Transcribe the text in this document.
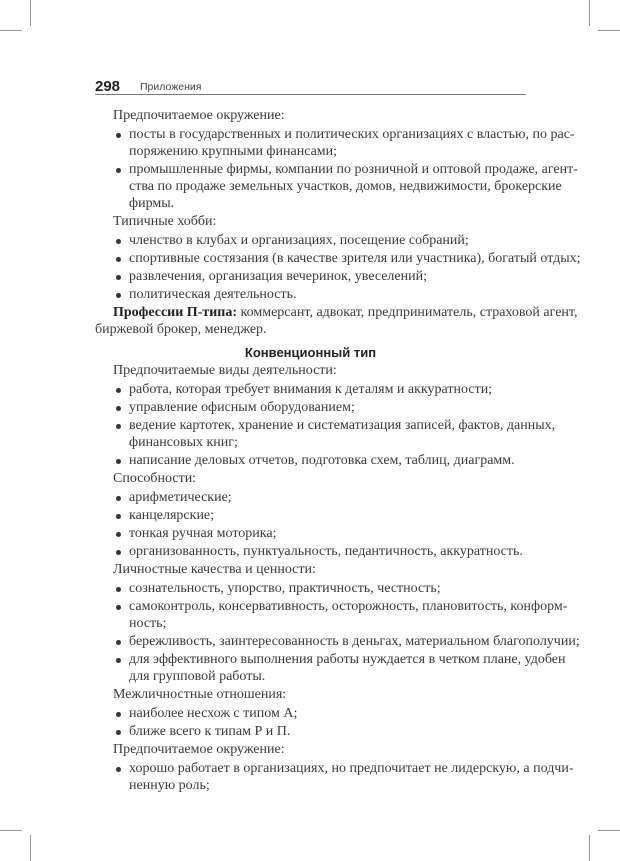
298 Приложения
Предпочитаемое окружение:
посты в государственных и политических организациях с властью, по рас-
поряжению крупными финансами;
промышленные фирмы, компании по розничной и оптовой продаже, агент-
ства по продаже земельных участков, домов, недвижимости, брокерские
фирмы.
Типичные хобби:
членство в клубах и организациях, посещение собраний;
спортивные состязания (в качестве зрителя или участника), богатый отдых;
развлечения, организация вечеринок, увеселений;
политическая деятельность.
Профессии П-типа: коммерсант, адвокат, предприниматель, страховой агент,
биржевой брокер, менеджер.
Конвенционный тип
Предпочитаемые виды деятельности:
работа, которая требует внимания к деталям и аккуратности;
управление офисным оборудованием;
ведение картотек, хранение и систематизация записей, фактов, данных,
финансовых книг;
написание деловых отчетов, подготовка схем, таблиц, диаграмм.
Способности:
арифметические;
канцелярские;
тонкая ручная моторика;
организованность, пунктуальность, педантичность, аккуратность.
Личностные качества и ценности:
сознательность, упорство, практичность, честность;
самоконтроль, консервативность, осторожность, плановитость, конформ-
ность;
бережливость, заинтересованность в деньгах, материальном благополучии;
для эффективного выполнения работы нуждается в четком плане, удобен
для групповой работы.
Межличностные отношения:
наиболее несхож с типом А;
ближе всего к типам Р и П.
Предпочитаемое окружение:
хорошо работает в организациях, но предпочитает не лидерскую, а подчи-
ненную роль;
